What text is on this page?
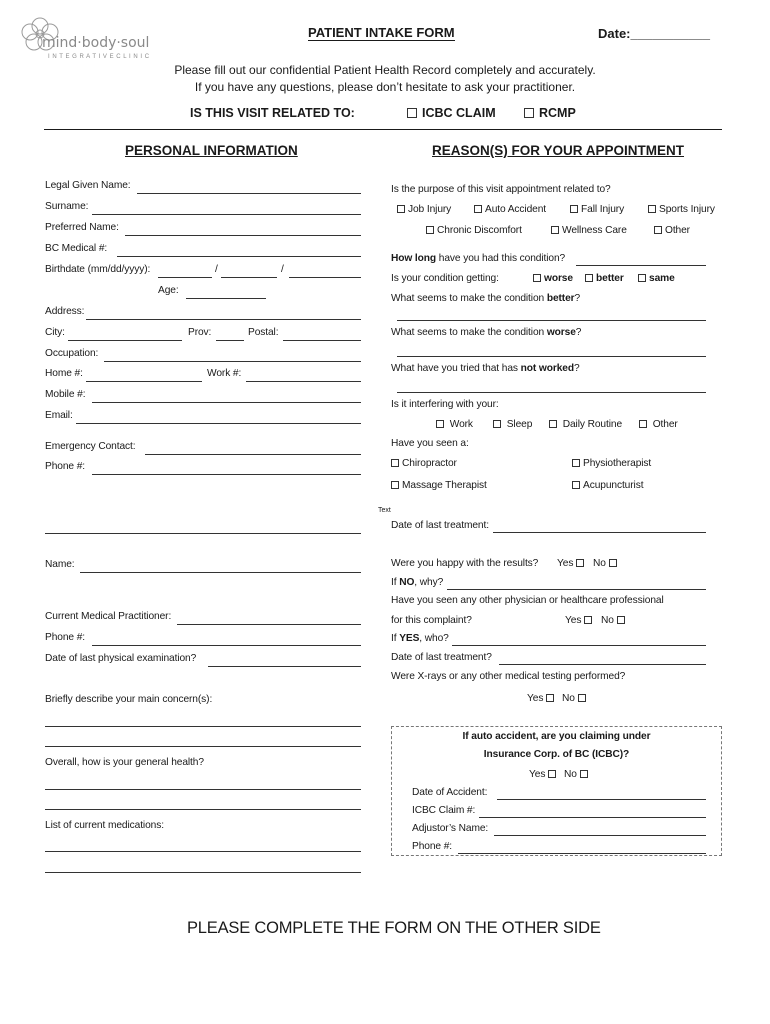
mind·body·soul
I N T E G R A T I V E C L I N I C
PATIENT INTAKE FORM	Date:___________
Please fill out our confidential Patient Health Record completely and accurately.
If you have any questions, please don’t hesitate to ask your practitioner.
IS THIS VISIT RELATED TO:	ICBC CLAIM	RCMP
PERSONAL INFORMATION
Legal Given Name:
Surname:
Preferred Name:
BC Medical #:
Birthdate (mm/dd/yyyy):	/	/
Age:
Address:
City:	Prov:	Postal:
Occupation:
Home #:	Work #:
Mobile #:
Email:
Emergency Contact:
Phone #:
Name:
Current Medical Practitioner:
Phone #:
Date of last physical examination?
Briefly describe your main concern(s):
Overall, how is your general health?
List of current medications:
REASON(S) FOR YOUR APPOINTMENT
Is the purpose of this visit appointment related to?
Job Injury	Auto Accident	Fall Injury	Sports Injury
Chronic Discomfort	Wellness Care	Other
How long have you had this condition?
Is your condition getting:	worse	better	same
What seems to make the condition better?
What seems to make the condition worse?
What have you tried that has not worked?
Is it interfering with your:
Work	Sleep	Daily Routine	Other
Have you seen a:
Chiropractor	Physiotherapist
Massage Therapist	Acupuncturist
Text
Date of last treatment:
Were you happy with the results? Yes	No
If NO, why?
Have you seen any other physician or healthcare professional
for this complaint?	Yes	No
If YES, who?
Date of last treatment?
Were X-rays or any other medical testing performed?
Yes	No
If auto accident, are you claiming under
Insurance Corp. of BC (ICBC)?
Yes	No
Date of Accident:
ICBC Claim #:
Adjustor’s Name:
Phone #:
PLEASE COMPLETE THE FORM ON THE OTHER SIDE
